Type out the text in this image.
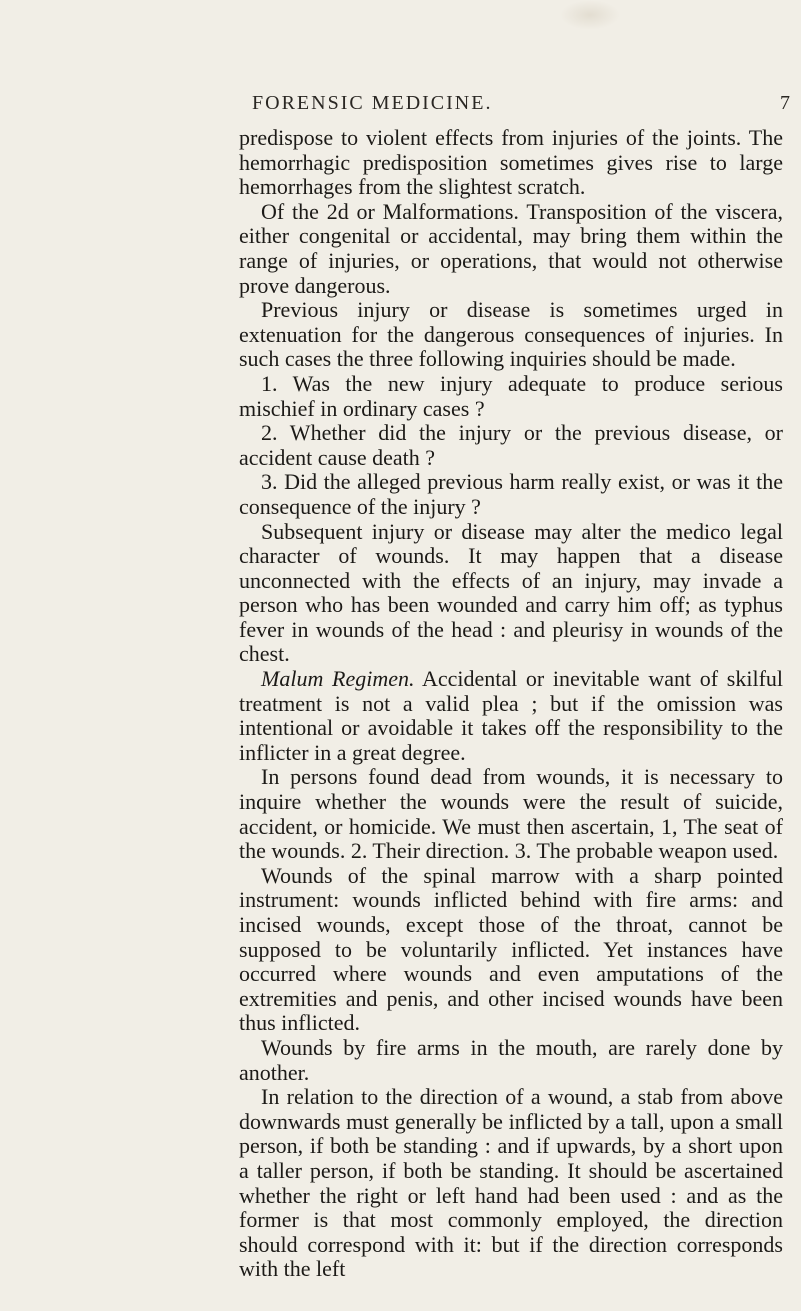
FORENSIC MEDICINE.	7

predispose to violent effects from injuries of the joints. The hemorrhagic predisposition sometimes gives rise to large hemorrhages from the slightest scratch.

Of the 2d or Malformations. Transposition of the viscera, either congenital or accidental, may bring them within the range of injuries, or operations, that would not otherwise prove dangerous.

Previous injury or disease is sometimes urged in extenuation for the dangerous consequences of injuries. In such cases the three following inquiries should be made.

1. Was the new injury adequate to produce serious mischief in ordinary cases ?

2. Whether did the injury or the previous disease, or accident cause death ?

3. Did the alleged previous harm really exist, or was it the consequence of the injury ?

Subsequent injury or disease may alter the medico legal character of wounds. It may happen that a disease unconnected with the effects of an injury, may invade a person who has been wounded and carry him off; as typhus fever in wounds of the head : and pleurisy in wounds of the chest.

Malum Regimen. Accidental or inevitable want of skilful treatment is not a valid plea ; but if the omission was intentional or avoidable it takes off the responsibility to the inflicter in a great degree.

In persons found dead from wounds, it is necessary to inquire whether the wounds were the result of suicide, accident, or homicide. We must then ascertain, 1, The seat of the wounds. 2. Their direction. 3. The probable weapon used.

Wounds of the spinal marrow with a sharp pointed instrument: wounds inflicted behind with fire arms: and incised wounds, except those of the throat, cannot be supposed to be voluntarily inflicted. Yet instances have occurred where wounds and even amputations of the extremities and penis, and other incised wounds have been thus inflicted.

Wounds by fire arms in the mouth, are rarely done by another.

In relation to the direction of a wound, a stab from above downwards must generally be inflicted by a tall, upon a small person, if both be standing : and if upwards, by a short upon a taller person, if both be standing. It should be ascertained whether the right or left hand had been used : and as the former is that most commonly employed, the direction should correspond with it: but if the direction corresponds with the left
